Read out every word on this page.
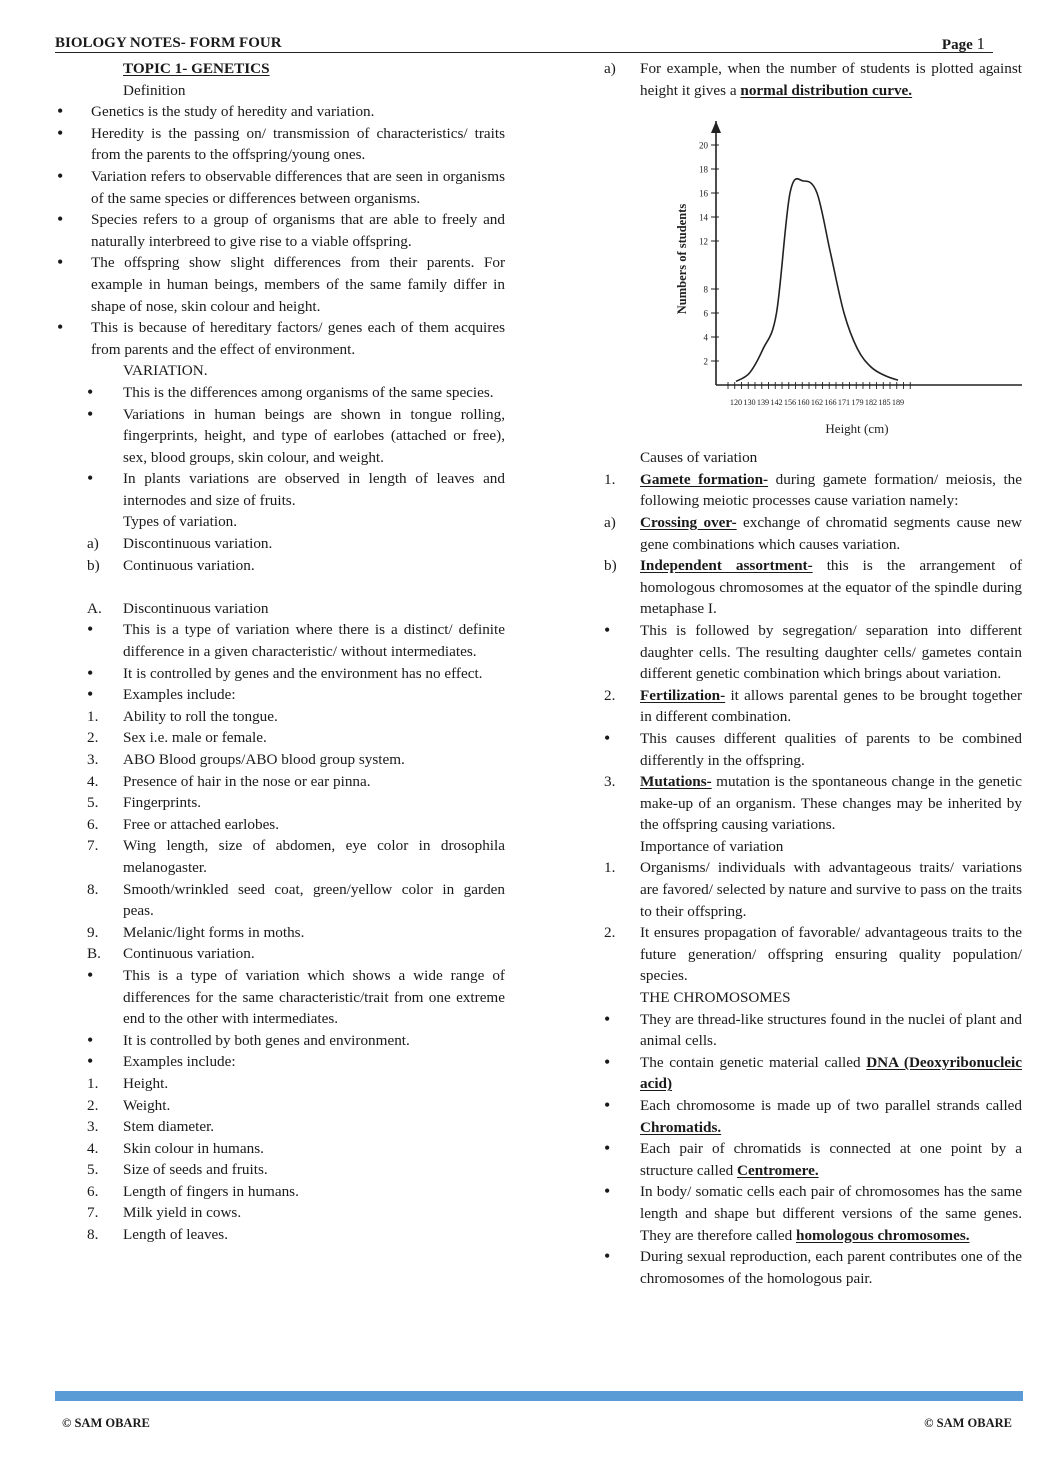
BIOLOGY NOTES- FORM FOUR	Page 1
TOPIC 1- GENETICS
Definition
•	Genetics is the study of heredity and variation.
•	Heredity is the passing on/ transmission of characteristics/ traits from the parents to the offspring/young ones.
•	Variation refers to observable differences that are seen in organisms of the same species or differences between organisms.
•	Species refers to a group of organisms that are able to freely and naturally interbreed to give rise to a viable offspring.
•	The offspring show slight differences from their parents. For example in human beings, members of the same family differ in shape of nose, skin colour and height.
•	This is because of hereditary factors/ genes each of them acquires from parents and the effect of environment.
VARIATION.
•	This is the differences among organisms of the same species.
•	Variations in human beings are shown in tongue rolling, fingerprints, height, and type of earlobes (attached or free), sex, blood groups, skin colour, and weight.
•	In plants variations are observed in length of leaves and internodes and size of fruits.
Types of variation.
a)	Discontinuous variation.
b)	Continuous variation.
A.	Discontinuous variation
•	This is a type of variation where there is a distinct/ definite difference in a given characteristic/ without intermediates.
•	It is controlled by genes and the environment has no effect.
•	Examples include:
1.	Ability to roll the tongue.
2.	Sex i.e. male or female.
3.	ABO Blood groups/ABO blood group system.
4.	Presence of hair in the nose or ear pinna.
5.	Fingerprints.
6.	Free or attached earlobes.
7.	Wing length, size of abdomen, eye color in drosophila melanogaster.
8.	Smooth/wrinkled seed coat, green/yellow color in garden peas.
9.	Melanic/light forms in moths.
B.	Continuous variation.
•	This is a type of variation which shows a wide range of differences for the same characteristic/trait from one extreme end to the other with intermediates.
•	It is controlled by both genes and environment.
•	Examples include:
1.	Height.
2.	Weight.
3.	Stem diameter.
4.	Skin colour in humans.
5.	Size of seeds and fruits.
6.	Length of fingers in humans.
7.	Milk yield in cows.
8.	Length of leaves.
a)	For example, when the number of students is plotted against height it gives a normal distribution curve.
2
4
6
8
12
14
16
18
20
120 130 139 142 156 160 162 166 171 179 182 185 189
Numbers of students
Height (cm)
Causes of variation
1.	Gamete formation- during gamete formation/ meiosis, the following meiotic processes cause variation namely:
a)	Crossing over- exchange of chromatid segments cause new gene combinations which causes variation.
b)	Independent assortment- this is the arrangement of homologous chromosomes at the equator of the spindle during metaphase I.
•	This is followed by segregation/ separation into different daughter cells. The resulting daughter cells/ gametes contain different genetic combination which brings about variation.
2.	Fertilization- it allows parental genes to be brought together in different combination.
•	This causes different qualities of parents to be combined differently in the offspring.
3.	Mutations- mutation is the spontaneous change in the genetic make-up of an organism. These changes may be inherited by the offspring causing variations.
Importance of variation
1.	Organisms/ individuals with advantageous traits/ variations are favored/ selected by nature and survive to pass on the traits to their offspring.
2.	It ensures propagation of favorable/ advantageous traits to the future generation/ offspring ensuring quality population/ species.
THE CHROMOSOMES
•	They are thread-like structures found in the nuclei of plant and animal cells.
•	The contain genetic material called DNA (Deoxyribonucleic acid)
•	Each chromosome is made up of two parallel strands called Chromatids.
•	Each pair of chromatids is connected at one point by a structure called Centromere.
•	In body/ somatic cells each pair of chromosomes has the same length and shape but different versions of the same genes. They are therefore called homologous chromosomes.
•	During sexual reproduction, each parent contributes one of the chromosomes of the homologous pair.
© SAM OBARE	© SAM OBARE
